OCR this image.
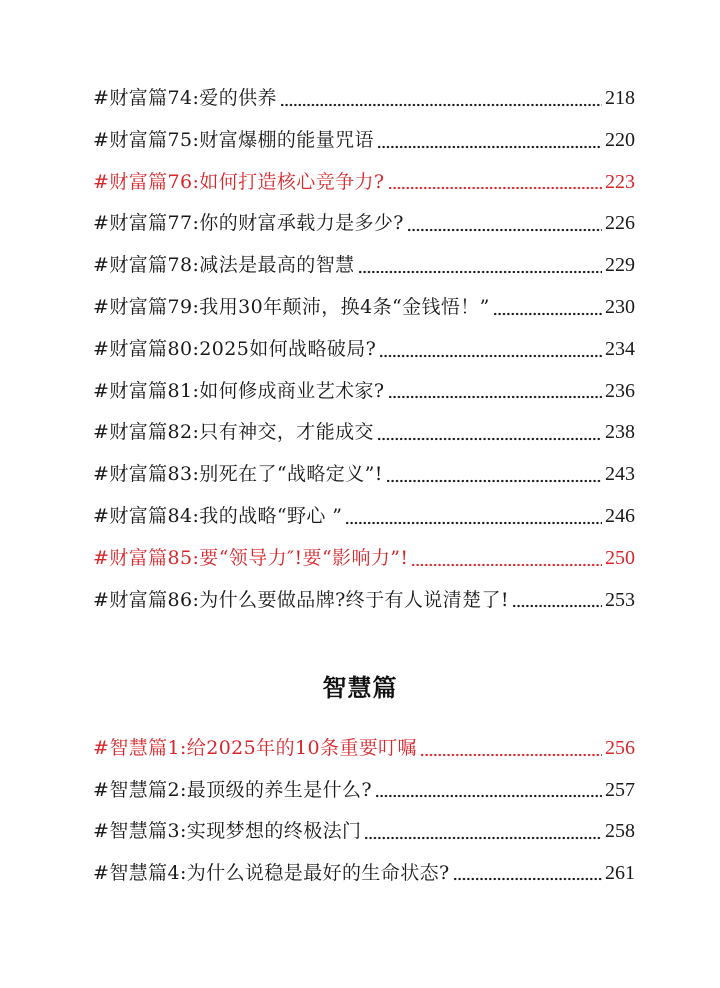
#财富篇74:爱的供养	218
#财富篇75:财富爆棚的能量咒语	220
#财富篇76:如何打造核心竞争力?	223
#财富篇77:你的财富承载力是多少?	226
#财富篇78:减法是最高的智慧	229
#财富篇79:我用30年颠沛，换4条“金钱悟！”	230
#财富篇80:2025如何战略破局?	234
#财富篇81:如何修成商业艺术家?	236
#财富篇82:只有神交，才能成交	238
#财富篇83:别死在了“战略定义”!	243
#财富篇84:我的战略“野心 ”	246
#财富篇85:要“领导力″!要“影响力”!	250
#财富篇86:为什么要做品牌?终于有人说清楚了!	253
智慧篇
#智慧篇1:给2025年的10条重要叮嘱	256
#智慧篇2:最顶级的养生是什么?	257
#智慧篇3:实现梦想的终极法门	258
#智慧篇4:为什么说稳是最好的生命状态?	261
